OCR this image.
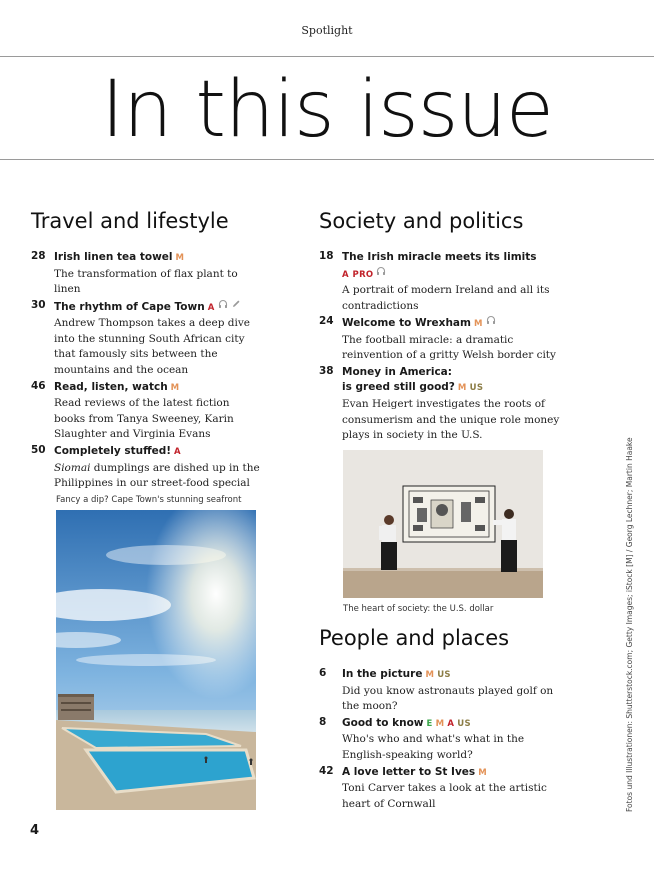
Spotlight
In this issue
Travel and lifestyle
28 Irish linen tea towel M
The transformation of flax plant to linen
30 The rhythm of Cape Town A
Andrew Thompson takes a deep dive into the stunning South African city that famously sits between the mountains and the ocean
46 Read, listen, watch M
Read reviews of the latest fiction books from Tanya Sweeney, Karin Slaughter and Virginia Evans
50 Completely stuffed! A
Siomai dumplings are dished up in the Philippines in our street-food special
Fancy a dip? Cape Town's stunning seafront
Society and politics
18 The Irish miracle meets its limits
A PRO
A portrait of modern Ireland and all its contradictions
24 Welcome to Wrexham M
The football miracle: a dramatic reinvention of a gritty Welsh border city
38 Money in America:
is greed still good? M US
Evan Heigert investigates the roots of consumerism and the unique role money plays in society in the U.S.
The heart of society: the U.S. dollar
People and places
6 In the picture M US
Did you know astronauts played golf on the moon?
8 Good to know E M A US
Who's who and what's what in the English-speaking world?
42 A love letter to St Ives M
Toni Carver takes a look at the artistic heart of Cornwall	Fotos und Illustrationen: Shutterstock.com; Getty Images; iStock [M] / Georg Lechner; Martin Haake
4
